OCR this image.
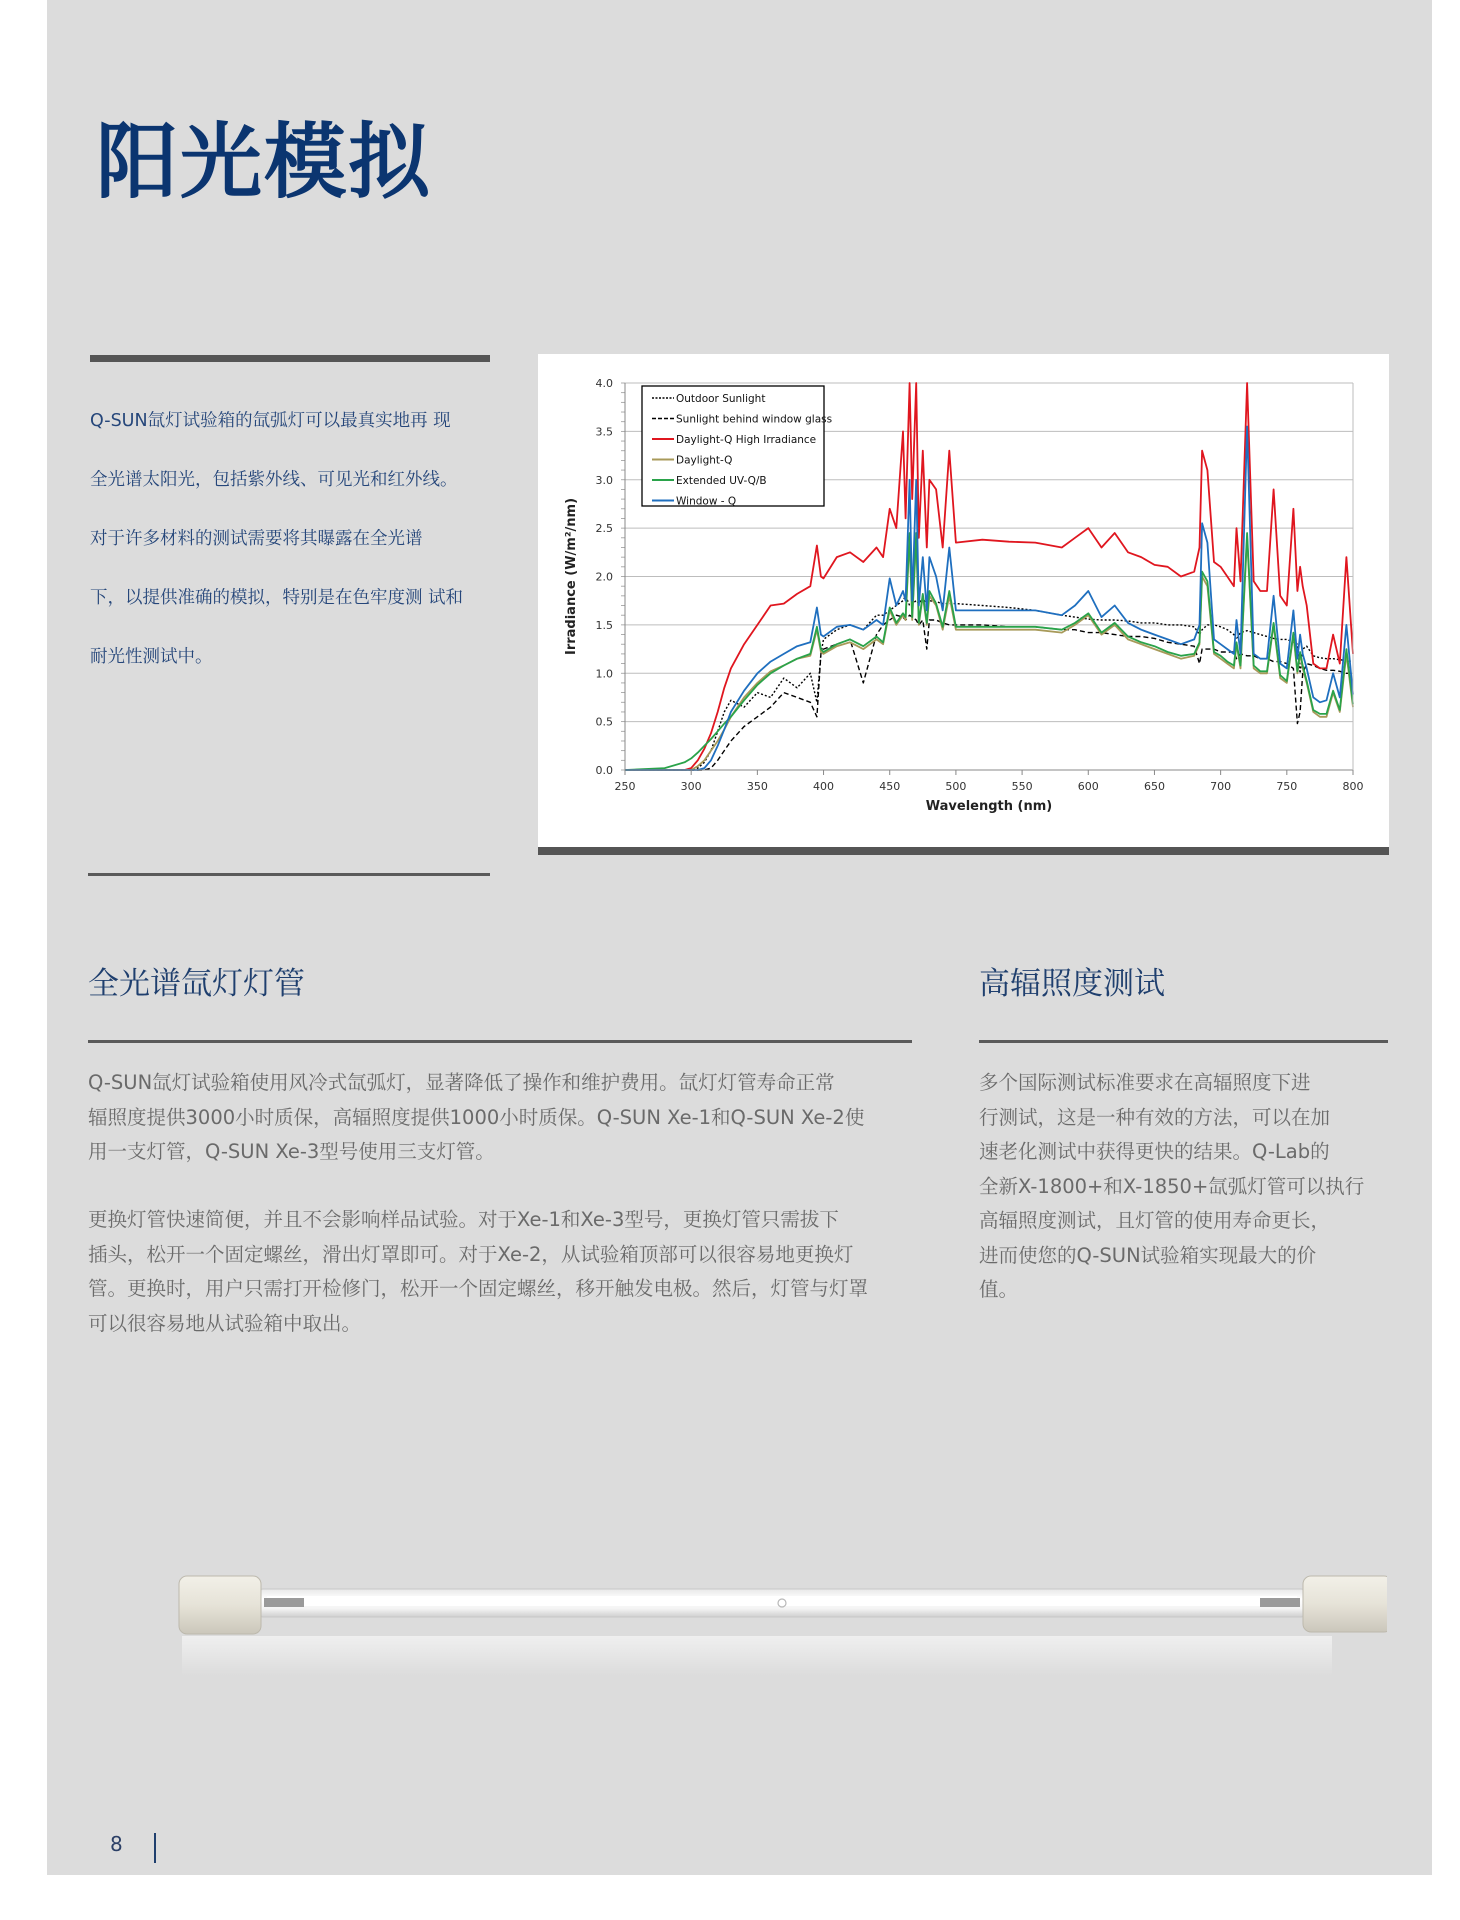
阳光模拟
Q-SUN氙灯试验箱的氙弧灯可以最真实地再 现
全光谱太阳光，包括紫外线、可见光和红外线。
对于许多材料的测试需要将其曝露在全光谱
下，以提供准确的模拟，特别是在色牢度测 试和
耐光性测试中。
0.0
0.5
1.0
1.5
2.0
2.5
3.0
3.5
4.0
250	300	350	400	450	500	550	600	650	700	750	800
Wavelength (nm)
Irradiance (W/m²/nm)
Outdoor Sunlight
Sunlight behind window glass
Daylight-Q High Irradiance
Daylight-Q
Extended UV-Q/B
Window - Q
全光谱氙灯灯管
Q-SUN氙灯试验箱使用风冷式氙弧灯，显著降低了操作和维护费用。氙灯灯管寿命正常
辐照度提供3000小时质保，高辐照度提供1000小时质保。Q-SUN Xe-1和Q-SUN Xe-2使
用一支灯管，Q-SUN Xe-3型号使用三支灯管。
更换灯管快速简便，并且不会影响样品试验。对于Xe-1和Xe-3型号，更换灯管只需拔下
插头，松开一个固定螺丝，滑出灯罩即可。对于Xe-2，从试验箱顶部可以很容易地更换灯
管。更换时，用户只需打开检修门，松开一个固定螺丝，移开触发电极。然后，灯管与灯罩
可以很容易地从试验箱中取出。
高辐照度测试
多个国际测试标准要求在高辐照度下进
行测试，这是一种有效的方法，可以在加
速老化测试中获得更快的结果。Q-Lab的
全新X-1800+和X-1850+氙弧灯管可以执行
高辐照度测试，且灯管的使用寿命更长，
进而使您的Q-SUN试验箱实现最大的价
值。
8
